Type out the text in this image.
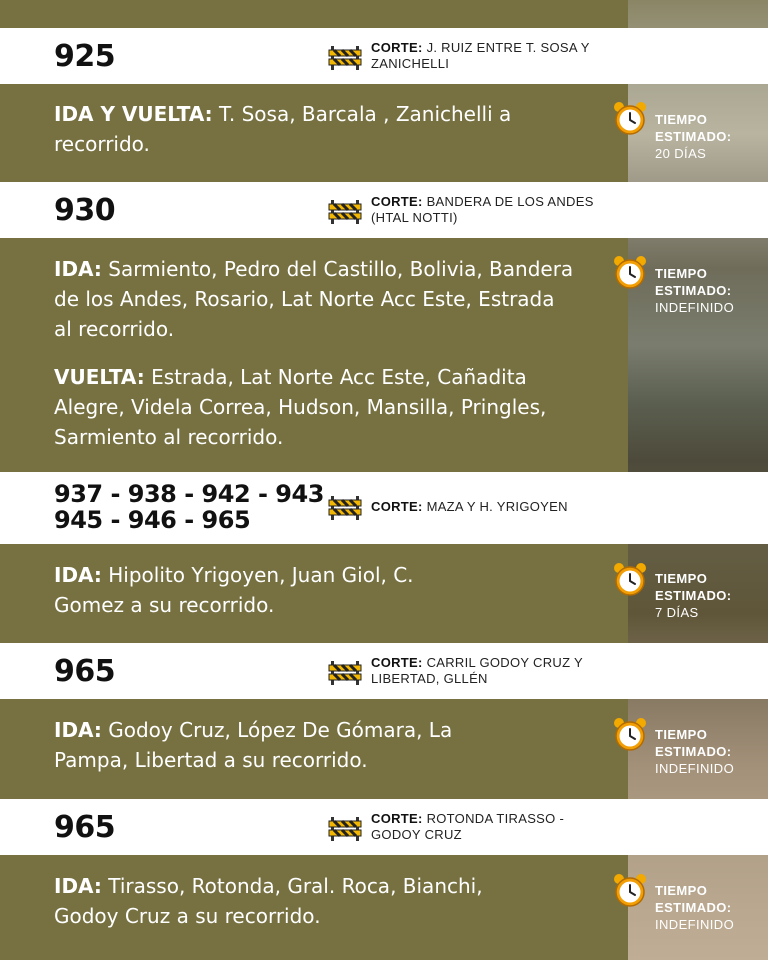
925	CORTE: J. RUIZ ENTRE T. SOSA Y ZANICHELLI
IDA Y VUELTA: T. Sosa, Barcala , Zanichelli a recorrido.
TIEMPO
ESTIMADO:
20 DÍAS
930	CORTE: BANDERA DE LOS ANDES (HTAL NOTTI)
IDA: Sarmiento, Pedro del Castillo, Bolivia, Bandera de los Andes, Rosario, Lat Norte Acc Este, Estrada al recorrido.
VUELTA: Estrada, Lat Norte Acc Este, Cañadita Alegre, Videla Correa, Hudson, Mansilla, Pringles, Sarmiento al recorrido.
TIEMPO
ESTIMADO:
INDEFINIDO
937 - 938 - 942 - 943
945 - 946 - 965	CORTE: MAZA Y H. YRIGOYEN
IDA: Hipolito Yrigoyen, Juan Giol, C. Gomez a su recorrido.
TIEMPO
ESTIMADO:
7 DÍAS
965	CORTE: CARRIL GODOY CRUZ Y LIBERTAD, GLLÉN
IDA: Godoy Cruz, López De Gómara, La Pampa, Libertad a su recorrido.
TIEMPO
ESTIMADO:
INDEFINIDO
965	CORTE: ROTONDA TIRASSO - GODOY CRUZ
IDA: Tirasso, Rotonda, Gral. Roca, Bianchi, Godoy Cruz a su recorrido.
TIEMPO
ESTIMADO:
INDEFINIDO
